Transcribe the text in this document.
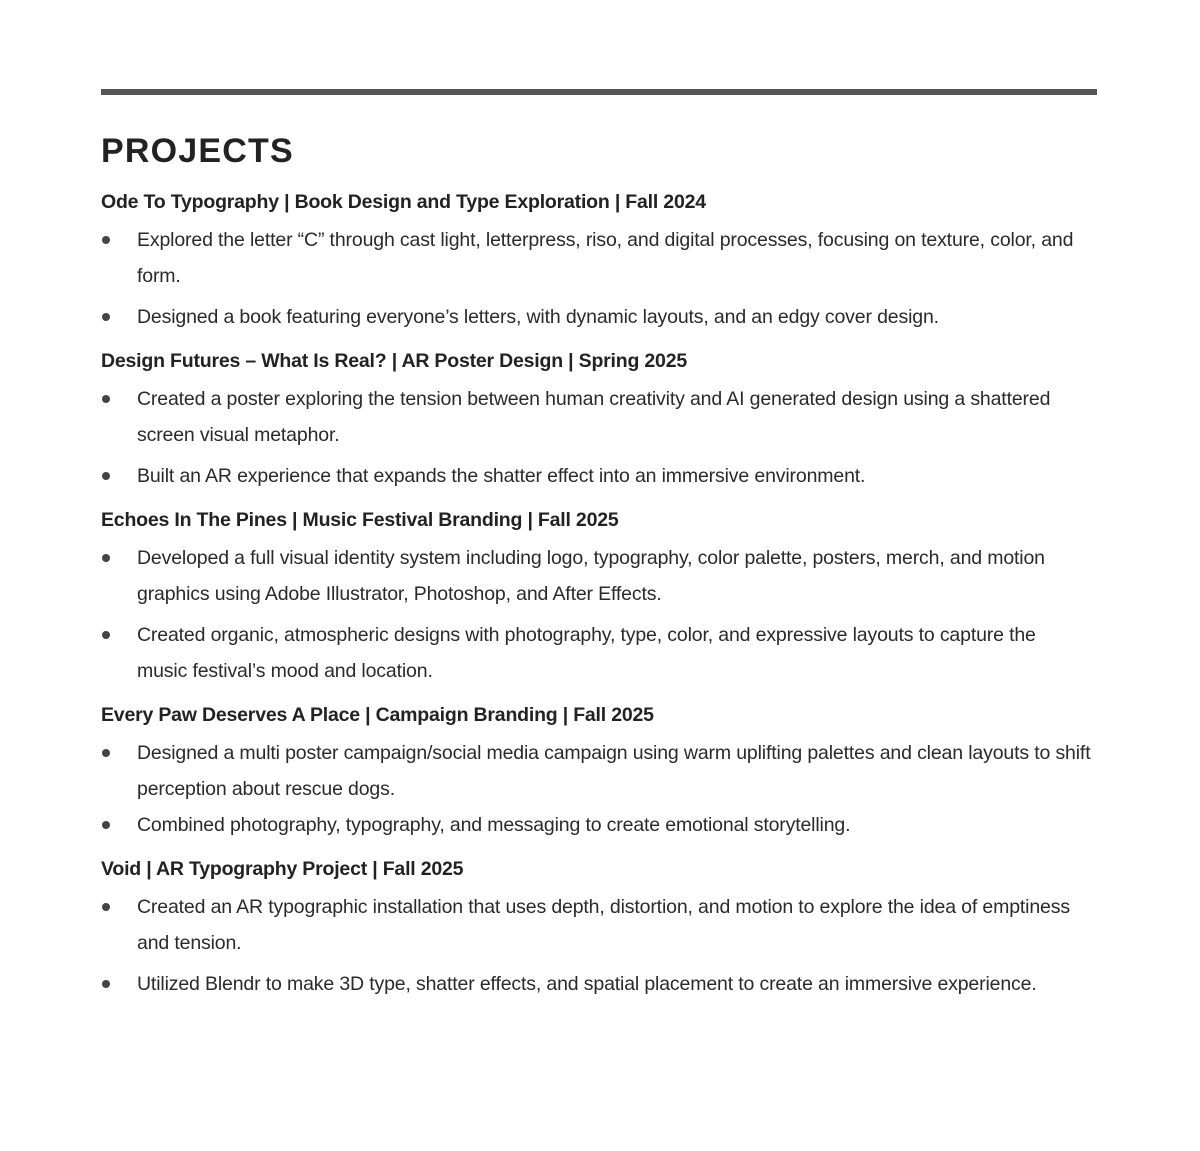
PROJECTS
Ode To Typography | Book Design and Type Exploration | Fall 2024
Explored the letter “C” through cast light, letterpress, riso, and digital processes, focusing on texture, color, and form.
Designed a book featuring everyone’s letters, with dynamic layouts, and an edgy cover design.
Design Futures – What Is Real? | AR Poster Design | Spring 2025
Created a poster exploring the tension between human creativity and AI generated design using a shattered screen visual metaphor.
Built an AR experience that expands the shatter effect into an immersive environment.
Echoes In The Pines | Music Festival Branding | Fall 2025
Developed a full visual identity system including logo, typography, color palette, posters, merch, and motion graphics using Adobe Illustrator, Photoshop, and After Effects.
Created organic, atmospheric designs with photography, type, color, and expressive layouts to capture the music festival’s mood and location.
Every Paw Deserves A Place | Campaign Branding | Fall 2025
Designed a multi poster campaign/social media campaign using warm uplifting palettes and clean layouts to shift perception about rescue dogs.
Combined photography, typography, and messaging to create emotional storytelling.
Void | AR Typography Project | Fall 2025
Created an AR typographic installation that uses depth, distortion, and motion to explore the idea of emptiness and tension.
Utilized Blendr to make 3D type, shatter effects, and spatial placement to create an immersive experience.
